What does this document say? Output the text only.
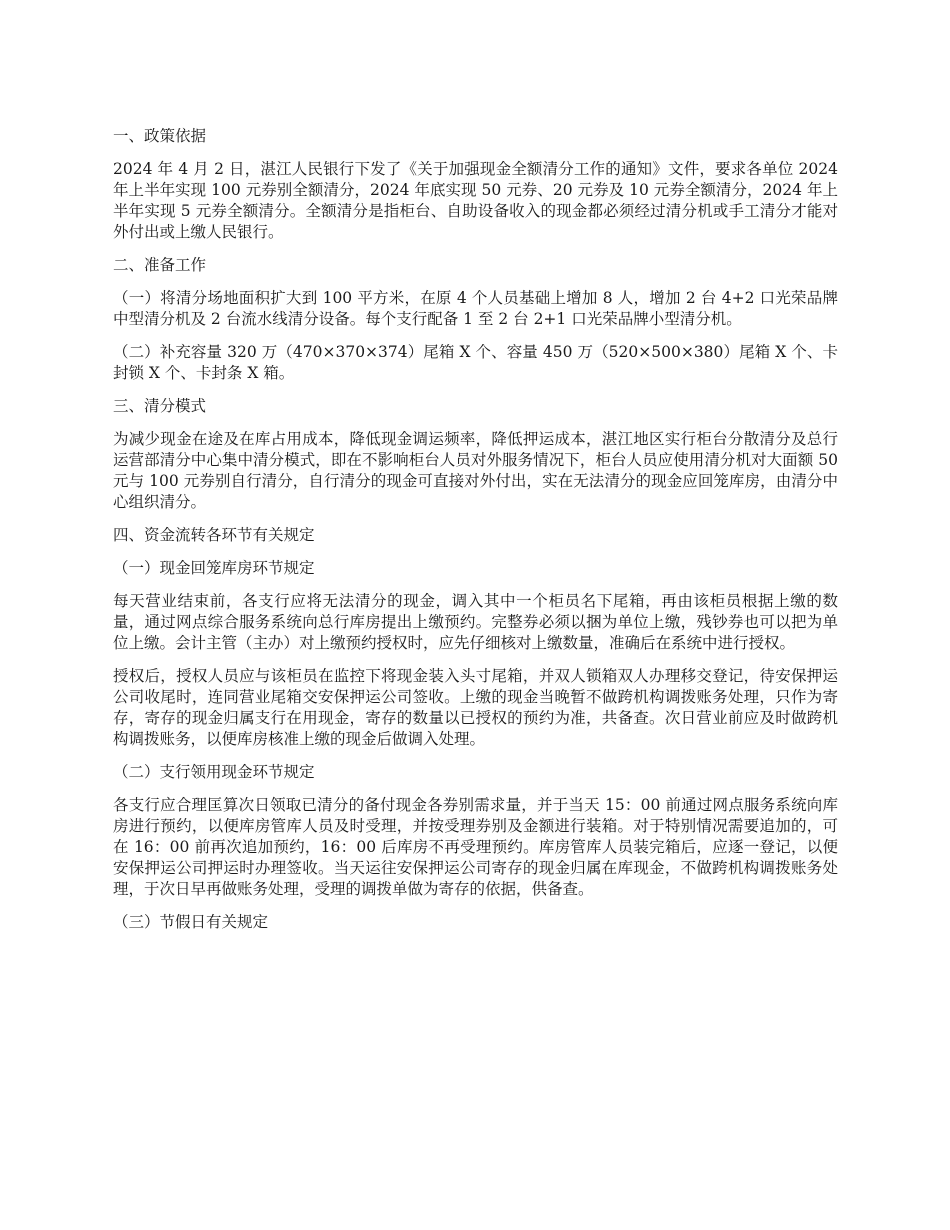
一、政策依据

2024 年 4 月 2 日，湛江人民银行下发了《关于加强现金全额清分工作的通知》文件，要求各单位 2024 年上半年实现 100 元券别全额清分，2024 年底实现 50 元券、20 元券及 10 元券全额清分，2024 年上半年实现 5 元券全额清分。全额清分是指柜台、自助设备收入的现金都必须经过清分机或手工清分才能对外付出或上缴人民银行。

二、准备工作

（一）将清分场地面积扩大到 100 平方米，在原 4 个人员基础上增加 8 人，增加 2 台 4+2 口光荣品牌中型清分机及 2 台流水线清分设备。每个支行配备 1 至 2 台 2+1 口光荣品牌小型清分机。

（二）补充容量 320 万（470×370×374）尾箱 X 个、容量 450 万（520×500×380）尾箱 X 个、卡封锁 X 个、卡封条 X 箱。

三、清分模式

为减少现金在途及在库占用成本，降低现金调运频率，降低押运成本，湛江地区实行柜台分散清分及总行运营部清分中心集中清分模式，即在不影响柜台人员对外服务情况下，柜台人员应使用清分机对大面额 50 元与 100 元券别自行清分，自行清分的现金可直接对外付出，实在无法清分的现金应回笼库房，由清分中心组织清分。

四、资金流转各环节有关规定

（一）现金回笼库房环节规定

每天营业结束前，各支行应将无法清分的现金，调入其中一个柜员名下尾箱，再由该柜员根据上缴的数量，通过网点综合服务系统向总行库房提出上缴预约。完整券必须以捆为单位上缴，残钞券也可以把为单位上缴。会计主管（主办）对上缴预约授权时，应先仔细核对上缴数量，准确后在系统中进行授权。

授权后，授权人员应与该柜员在监控下将现金装入头寸尾箱，并双人锁箱双人办理移交登记，待安保押运公司收尾时，连同营业尾箱交安保押运公司签收。上缴的现金当晚暂不做跨机构调拨账务处理，只作为寄存，寄存的现金归属支行在用现金，寄存的数量以已授权的预约为准，共备查。次日营业前应及时做跨机构调拨账务，以便库房核准上缴的现金后做调入处理。

（二）支行领用现金环节规定

各支行应合理匡算次日领取已清分的备付现金各券别需求量，并于当天 15：00 前通过网点服务系统向库房进行预约，以便库房管库人员及时受理，并按受理券别及金额进行装箱。对于特别情况需要追加的，可在 16：00 前再次追加预约，16：00 后库房不再受理预约。库房管库人员装完箱后，应逐一登记，以便安保押运公司押运时办理签收。当天运往安保押运公司寄存的现金归属在库现金，不做跨机构调拨账务处理，于次日早再做账务处理，受理的调拨单做为寄存的依据，供备查。

（三）节假日有关规定
